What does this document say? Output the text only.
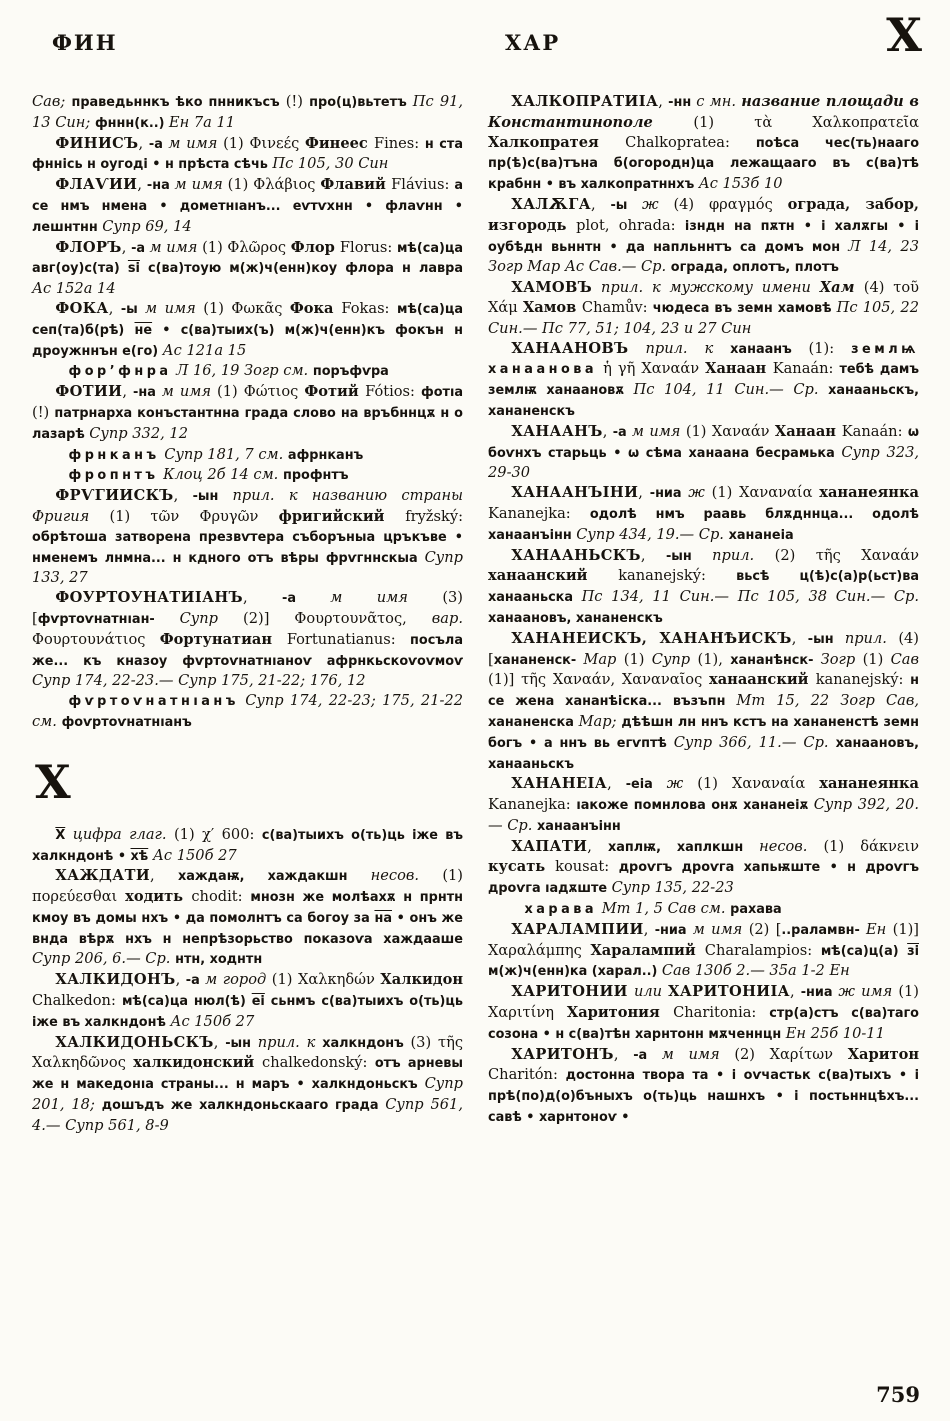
ФИН	ХАР	Х

Сав; праведьннкъ ѣко пнникъсъ (!) про(ц)вьтетъ Пс 91, 13 Син; фннн(к..) Ен 7а 11

ФИНИСЪ, -а м имя (1) Φινεές Финеес Fines: н ста фннісь н оугоді • н прѣста сѣчь Пс 105, 30 Син

ФЛАѴИИ, -на м имя (1) Φλάβιος Флавий Flávius: а се нмъ нмена • дометнıанъ... еѵтѵхнн • флаѵнн • лешнтнн Супр 69, 14

ФЛОРЪ, -а м имя (1) Φλῶρος Флор Florus: мѣ(са)ца авг(оу)с(та) ѕі с(ва)тоую м(ж)ч(енн)коу флора н лавра Ас 152а 14

ФОКА, -ы м имя (1) Φωκᾶς Фока Fokas: мѣ(са)ца сеп(та)б(рѣ) не • с(ва)тыих(ъ) м(ж)ч(енн)къ фокън н дроужннън е(го) Ас 121а 15

фор’фнра Л 16, 19 Зогр см. поръфѵра

ФОТИИ, -на м имя (1) Φώτιος Фотий Fótios: фотıа (!) патрнарха конъстантнна града слово на връбннцѫ н о лазарѣ Супр 332, 12

фрнканъ Супр 181, 7 см. афрнканъ

фропнтъ Клоц 2б 14 см. профнтъ

ФРѴГИИСКЪ, -ын прил. к названию страны Фригия (1) τῶν Φρυγῶν фригийский fryžský: обрѣтоша затворена презвѵтера съборъныа цръкъве • нменемъ лнмна... н кдного отъ вѣры фрѵгннскыа Супр 133, 27

ФОУРТОУНАТИІАНЪ, -а м имя (3) [фѵртоѵнатнıан- Супр (2)] Φουρτουνᾶτος, вар. Φουρτουνάτιος Фортунатиан Fortunatianus: посъла же... къ кназоу фѵртоѵнатнıаноѵ афрнкьскоѵоѵмоѵ Супр 174, 22-23.— Супр 175, 21-22; 176, 12

фѵртоѵнатнıанъ Супр 174, 22-23; 175, 21-22 см. фоѵртоѵнатнıанъ

Х

Х цифра глаг. (1) χ′ 600: с(ва)тыихъ о(ть)ць іже въ халкндонѣ • хѣ Ас 150б 27

ХАЖДАТИ, хаждаѭ, хаждакшн несов. (1) πορεύεσθαι ходить chodit: мнозн же молѣахѫ н прнтн кмоу въ домы нхъ • да помолнтъ са богоу за на • онъ же внда вѣрѫ нхъ н непрѣзорьство показоѵа хаждааше Супр 206, 6.— Ср. нтн, ходнтн

ХАЛКИДОНЪ, -а м город (1) Χαλκηδών Халкидон Chalkedon: мѣ(са)ца нюл(ѣ) еі сьнмъ с(ва)тыихъ о(ть)ць іже въ халкндонѣ Ас 150б 27

ХАЛКИДОНЬСКЪ, -ын прил. к халкндонъ (3) τῆς Χαλκηδῶνος халкидонский chalkedonský: отъ арневы же н македонıа страны... н маръ • халкндоньскъ Супр 201, 18; дошъдъ же халкндоньскааго града Супр 561, 4.— Супр 561, 8-9

ХАЛКОПРАТИІА, -нн с мн. название площади в Константинополе (1) τὰ Χαλκοπρατεῖα Халкопратея Chalkopratea: поѣса чес(ть)нааго пр(ѣ)с(ва)тъна б(огородн)ца лежащааго въ с(ва)тѣ крабнн • въ халкопратннхъ Ас 153б 10

ХАЛѪГА, -ы ж (4) φραγμός ограда, забор, изгородь plot, ohrada: ізндн на пѫтн • і халѫгы • і оубѣдн вьннтн • да напльннтъ са домъ мон Л 14, 23 Зогр Мар Ас Сав.— Ср. ограда, оплотъ, плотъ

ХАМОВЪ прил. к мужскому имени Хам (4) τοῦ Χάμ Хамов Chamův: чюдеса въ земн хамовѣ Пс 105, 22 Син.— Пс 77, 51; 104, 23 и 27 Син

ХАНААНОВЪ прил. к ханаанъ (1): землѩ ханаанова ἡ γῆ Χαναάν Ханаан Kanaán: тебѣ дамъ землѭ ханаановѫ Пс 104, 11 Син.— Ср. ханааньскъ, хананенскъ

ХАНААНЪ, -а м имя (1) Χαναάν Ханаан Kanaán: ѡ боѵнхъ старьць • ѡ сѣма ханаана бесрамька Супр 323, 29-30

ХАНААНЪІНИ, -ниа ж (1) Χαναναία хананеянка Kananejka: одолѣ нмъ раавь блѫдннца... одолѣ ханаанъінн Супр 434, 19.— Ср. хананеіа

ХАНААНЬСКЪ, -ын прил. (2) τῆς Χαναάν ханаанский kananejský: вьсѣ ц(ѣ)с(а)р(ьст)ва ханааньска Пс 134, 11 Син.— Пс 105, 38 Син.— Ср. ханаановъ, хананенскъ

ХАНАНЕИСКЪ, ХАНАНѢИСКЪ, -ын прил. (4) [хананенск- Мар (1) Супр (1), хананѣнск- Зогр (1) Сав (1)] τῆς Χαναάν, Χαναναῖος ханаанский kananejský: н се жена хананѣіска... възъпн Мт 15, 22 Зогр Сав, хананенска Мар; дѣѣшн лн ннъ кстъ на хананенстѣ земн богъ • а ннъ вь егѵптѣ Супр 366, 11.— Ср. ханаановъ, ханааньскъ

ХАНАНЕІА, -еіа ж (1) Χαναναία хананеянка Kananejka: ıакоже помнлова онѫ хананеіѫ Супр 392, 20.— Ср. ханаанъінн

ХАПАТИ, хаплѭ, хаплкшн несов. (1) δάκνειν кусать kousat: дроѵгъ дроѵга хапьѭште • н дроѵгъ дроѵга ıадѫште Супр 135, 22-23

харава Мт 1, 5 Сав см. рахава

ХАРАЛАМПИИ, -ниа м имя (2) [..раламвн- Ен (1)] Χαραλάμπης Харалампий Charalampios: мѣ(са)ц(а) зі м(ж)ч(енн)ка (харал..) Сав 130б 2.— 35а 1-2 Ен

ХАРИТОНИИ или ХАРИТОНИІА, -ниа ж имя (1) Χαριτίνη Харитония Charitonia: стр(а)стъ с(ва)таго созона • н с(ва)тѣн харнтонн мѫченнцн Ен 25б 10-11

ХАРИТОНЪ, -а м имя (2) Χαρίτων Харитон Charitón: достонна твора та • і оѵчастьк с(ва)тыхъ • і прѣ(по)д(о)бъныхъ о(ть)ць нашнхъ • і постьннцѣхъ... савѣ • харнтоноѵ •

759
